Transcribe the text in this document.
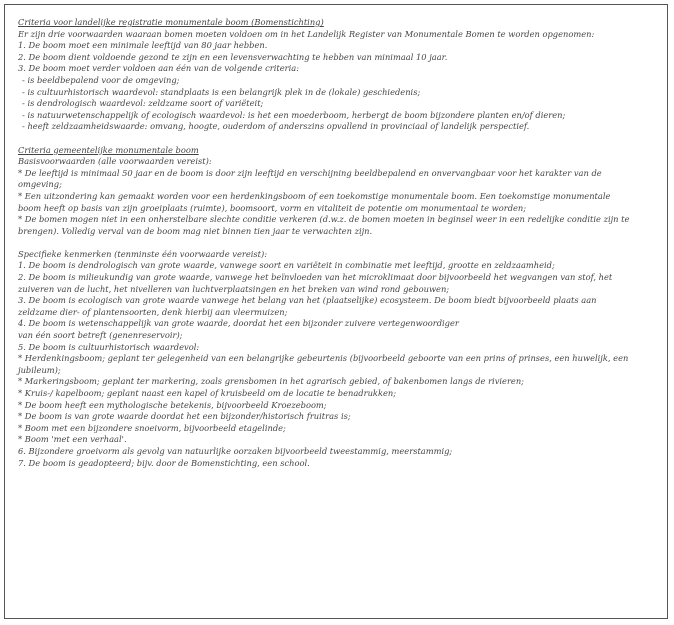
Criteria voor landelijke registratie monumentale boom (Bomenstichting)
Er zijn drie voorwaarden waaraan bomen moeten voldoen om in het Landelijk Register van Monumentale Bomen te worden opgenomen:
1. De boom moet een minimale leeftijd van 80 jaar hebben.
2. De boom dient voldoende gezond te zijn en een levensverwachting te hebben van minimaal 10 jaar.
3. De boom moet verder voldoen aan één van de volgende criteria:
- is beeldbepalend voor de omgeving;
- is cultuurhistorisch waardevol: standplaats is een belangrijk plek in de (lokale) geschiedenis;
- is dendrologisch waardevol: zeldzame soort of variëteit;
- is natuurwetenschappelijk of ecologisch waardevol: is het een moederboom, herbergt de boom bijzondere planten en/of dieren;
- heeft zeldzaamheidswaarde: omvang, hoogte, ouderdom of anderszins opvallend in provinciaal of landelijk perspectief.
Criteria gemeentelijke monumentale boom
Basisvoorwaarden (alle voorwaarden vereist):
* De leeftijd is minimaal 50 jaar en de boom is door zijn leeftijd en verschijning beeldbepalend en onvervangbaar voor het karakter van de
omgeving;
* Een uitzondering kan gemaakt worden voor een herdenkingsboom of een toekomstige monumentale boom. Een toekomstige monumentale
boom heeft op basis van zijn groeiplaats (ruimte), boomsoort, vorm en vitaliteit de potentie om monumentaal te worden;
* De bomen mogen niet in een onherstelbare slechte conditie verkeren (d.w.z. de bomen moeten in beginsel weer in een redelijke conditie zijn te
brengen). Volledig verval van de boom mag niet binnen tien jaar te verwachten zijn.
Specifieke kenmerken (tenminste één voorwaarde vereist):
1. De boom is dendrologisch van grote waarde, vanwege soort en variëteit in combinatie met leeftijd, grootte en zeldzaamheid;
2. De boom is milieukundig van grote waarde, vanwege het beïnvloeden van het microklimaat door bijvoorbeeld het wegvangen van stof, het
zuiveren van de lucht, het nivelleren van luchtverplaatsingen en het breken van wind rond gebouwen;
3. De boom is ecologisch van grote waarde vanwege het belang van het (plaatselijke) ecosysteem. De boom biedt bijvoorbeeld plaats aan
zeldzame dier- of plantensoorten, denk hierbij aan vleermuizen;
4. De boom is wetenschappelijk van grote waarde, doordat het een bijzonder zuivere vertegenwoordiger
van één soort betreft (genenreservoir);
5. De boom is cultuurhistorisch waardevol:
* Herdenkingsboom; geplant ter gelegenheid van een belangrijke gebeurtenis (bijvoorbeeld geboorte van een prins of prinses, een huwelijk, een
jubileum);
* Markeringsboom; geplant ter markering, zoals grensbomen in het agrarisch gebied, of bakenbomen langs de rivieren;
* Kruis-/ kapelboom; geplant naast een kapel of kruisbeeld om de locatie te benadrukken;
* De boom heeft een mythologische betekenis, bijvoorbeeld Kroezeboom;
* De boom is van grote waarde doordat het een bijzonder/historisch fruitras is;
* Boom met een bijzondere snoeivorm, bijvoorbeeld etagelinde;
* Boom 'met een verhaal'.
6. Bijzondere groeivorm als gevolg van natuurlijke oorzaken bijvoorbeeld tweestammig, meerstammig;
7. De boom is geadopteerd; bijv. door de Bomenstichting, een school.
